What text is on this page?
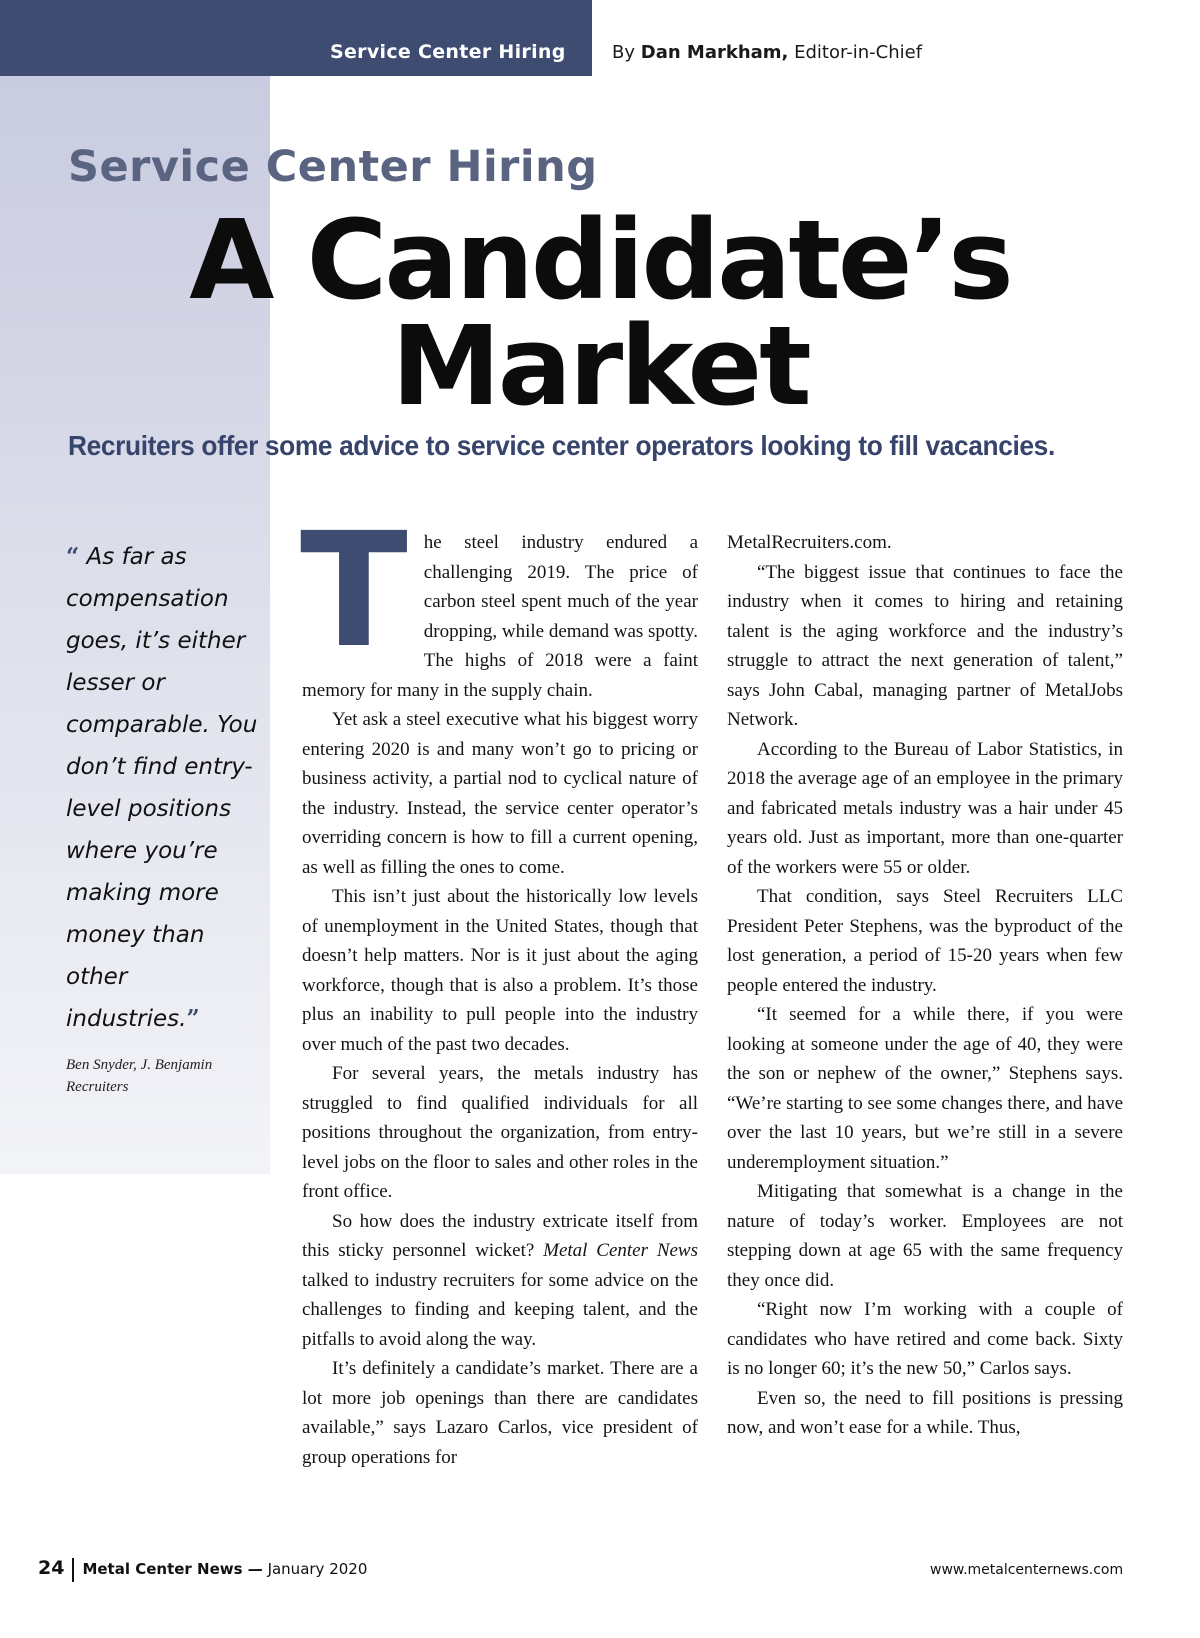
Service Center Hiring	By Dan Markham, Editor-in-Chief
Service Center Hiring
A Candidate’s
Market
Recruiters offer some advice to service center operators looking to fill vacancies.
“ As far as compensation goes, it’s either lesser or comparable. You don’t find entry-level positions where you’re making more money than other industries.”
Ben Snyder, J. Benjamin Recruiters

The steel industry endured a challenging 2019. The price of carbon steel spent much of the year dropping, while demand was spotty. The highs of 2018 were a faint memory for many in the supply chain.

Yet ask a steel executive what his biggest worry entering 2020 is and many won’t go to pricing or business activity, a partial nod to cyclical nature of the industry. Instead, the service center operator’s overriding concern is how to fill a current opening, as well as filling the ones to come.

This isn’t just about the historically low levels of unemployment in the United States, though that doesn’t help matters. Nor is it just about the aging workforce, though that is also a problem. It’s those plus an inability to pull people into the industry over much of the past two decades.

For several years, the metals industry has struggled to find qualified individuals for all positions throughout the organization, from entry-level jobs on the floor to sales and other roles in the front office.

So how does the industry extricate itself from this sticky personnel wicket? Metal Center News talked to industry recruiters for some advice on the challenges to finding and keeping talent, and the pitfalls to avoid along the way.

It’s definitely a candidate’s market. There are a lot more job openings than there are candidates available,” says Lazaro Carlos, vice president of group operations for

MetalRecruiters.com.

“The biggest issue that continues to face the industry when it comes to hiring and retaining talent is the aging workforce and the industry’s struggle to attract the next generation of talent,” says John Cabal, managing partner of MetalJobs Network.

According to the Bureau of Labor Statistics, in 2018 the average age of an employee in the primary and fabricated metals industry was a hair under 45 years old. Just as important, more than one-quarter of the workers were 55 or older.

That condition, says Steel Recruiters LLC President Peter Stephens, was the byproduct of the lost generation, a period of 15-20 years when few people entered the industry.

“It seemed for a while there, if you were looking at someone under the age of 40, they were the son or nephew of the owner,” Stephens says. “We’re starting to see some changes there, and have over the last 10 years, but we’re still in a severe underemployment situation.”

Mitigating that somewhat is a change in the nature of today’s worker. Employees are not stepping down at age 65 with the same frequency they once did.

“Right now I’m working with a couple of candidates who have retired and come back. Sixty is no longer 60; it’s the new 50,” Carlos says.

Even so, the need to fill positions is pressing now, and won’t ease for a while. Thus,

24 Metal Center News — January 2020	www.metalcenternews.com
